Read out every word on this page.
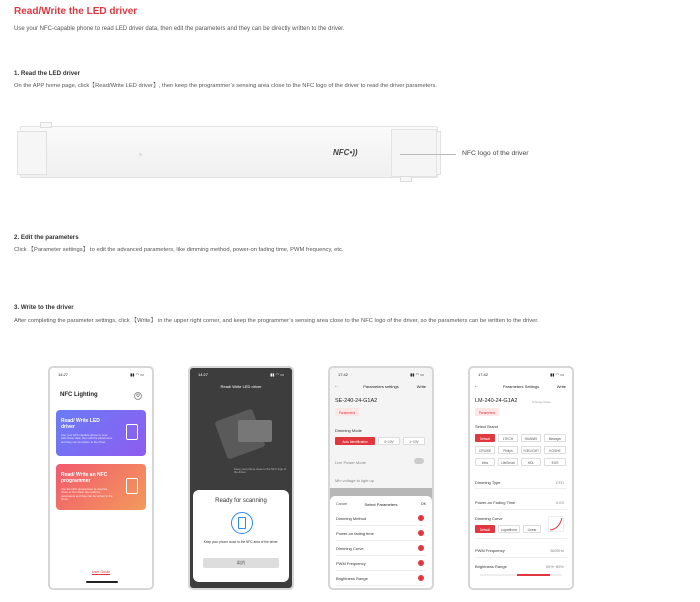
Read/Write the LED driver
Use your NFC-capable phone to read LED driver data, then edit the parameters and they can be directly written to the driver.
1. Read the LED driver
On the APP home page, click【Read/Write LED driver】, then keep the programmer’s sensing area close to the NFC logo of the driver to read the driver parameters.
NFC•))	NFC logo of the driver
2. Edit the parameters
Click 【Parameter settings】 to edit the advanced parameters, like dimming method, power-on fading time, PWM frequency, etc.
3. Write to the driver
After completing the parameter settings, click 【Write】 in the upper right corner, and keep the programmer’s sensing area close to the NFC logo of the driver, so the parameters can be written to the driver.
14:27	▮▮ ◠ ▭
NFC Lighting	⚙
Read/ Write LED driver
Use your NFC capable phone to read LED driver data, then edit the parameters and they can be written to the driver.
Read/ Write an NFC programmer
Use the NFC programmer to read the driver or form files, then edit the parameters and they can be written to the driver.
User Guide
14:27	▮▮ ◠ ▭
Read/ Write LED driver
Keep your phone close to the NFC logo of the driver.
Ready for scanning
Keep your phone close to the NFC area of the driver.
取消
17:42	▮▮ ◠ ▭
←	Parameters settings	Write
SE-240-24-G1A2
Parameters
Dimming Mode
Auto Identification	0~10V	1~10V
Live Power Mode
Min voltage to light up
Cancel	Select Parameters	OK
Dimming Method
Power-on fading time
Dimming Curve
PWM Frequency
Brightness Range
17:42	▮▮ ◠ ▭
←	Parameters Settings	Write
LM-240-24-G1A2	N-Group Mode
Parameters
Select Brand
Default	LTECH	HUAWEI	Meanger
CRUISE	Philiph	YOELIGHT	KOSHE
Infra	LifeSmart	HDL	EOS
Dimming Type	CFD
Power-on Fading Time	0.0S
Dimming Curve
Default	Logarithmic	Linear
PWM Frequency	3600Hz
Brightness Range	50%~85%
